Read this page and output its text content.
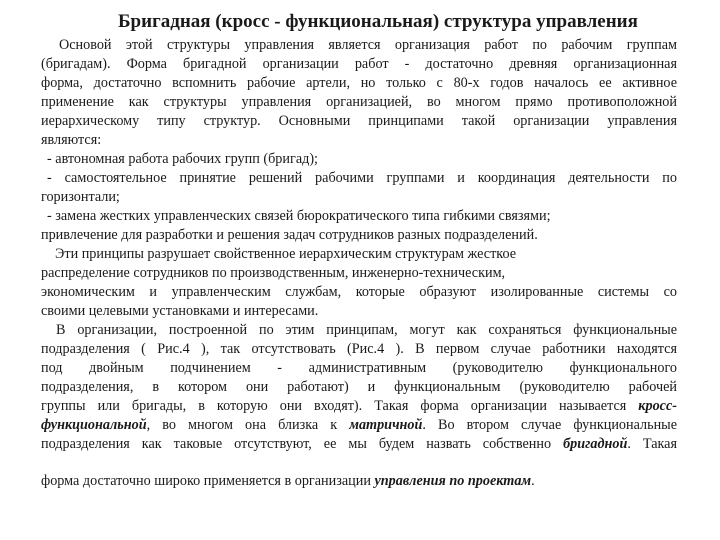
Бригадная (кросс - функциональная) структура управления
Основой этой структуры управления является организация работ по рабочим группам
(бригадам). Форма бригадной организации работ - достаточно древняя организационная
форма, достаточно вспомнить рабочие артели, но только с 80-х годов началось ее активное
применение как структуры управления организацией, во многом прямо противоположной
иерархическому типу структур. Основными принципами такой организации управления
являются:
- автономная работа рабочих групп (бригад);
- самостоятельное принятие решений рабочими группами и координация деятельности по
горизонтали;
- замена жестких управленческих связей бюрократического типа гибкими связями;
привлечение для разработки и решения задач сотрудников разных подразделений.
Эти принципы разрушает свойственное иерархическим структурам жесткое
распределение сотрудников по производственным, инженерно-техническим,
экономическим и управленческим службам, которые образуют изолированные системы со
своими целевыми установками и интересами.
В организации, построенной по этим принципам, могут как сохраняться функциональные
подразделения ( Рис.4 ), так отсутствовать (Рис.4 ). В первом случае работники находятся
под двойным подчинением - административным (руководителю функционального
подразделения, в котором они работают) и функциональным (руководителю рабочей
группы или бригады, в которую они входят). Такая форма организации называется кросс-
функциональной, во многом она близка к матричной. Во втором случае функциональные
подразделения как таковые отсутствуют, ее мы будем назвать собственно бригадной. Такая
форма достаточно широко применяется в организации управления по проектам.
